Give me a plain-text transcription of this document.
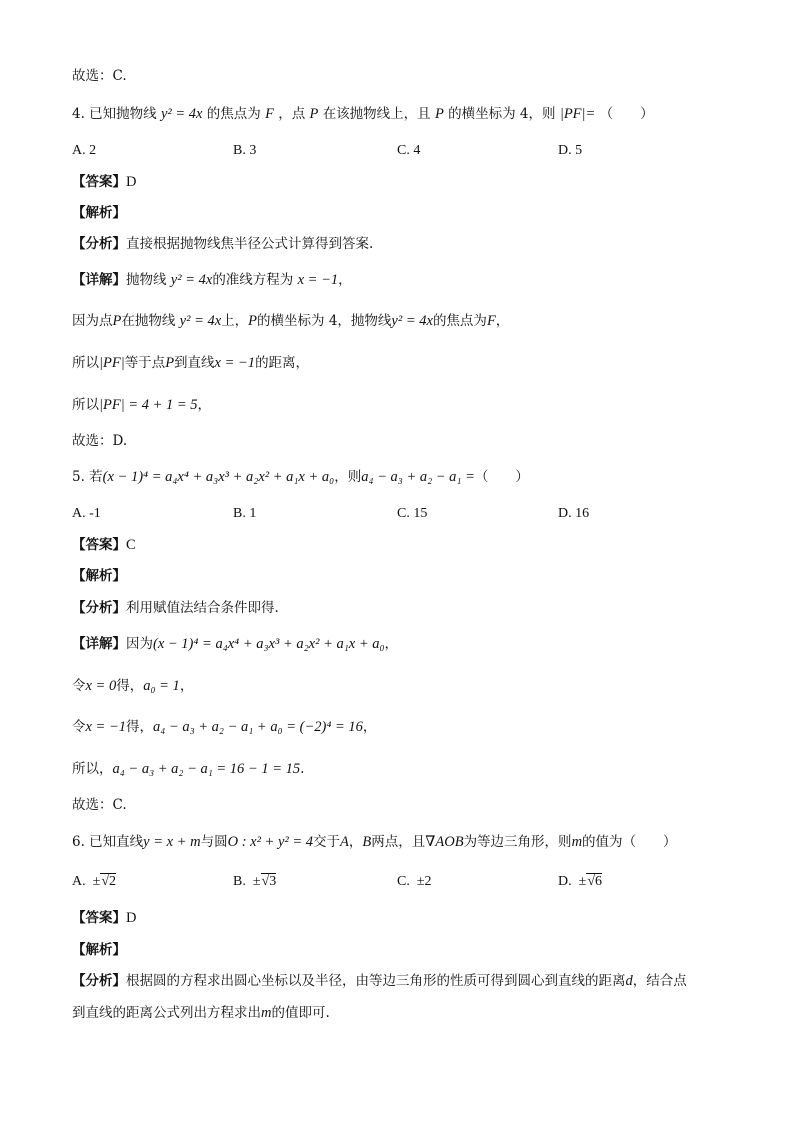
故选：C.
4. 已知抛物线 y² = 4x 的焦点为 F ，点 P 在该抛物线上，且 P 的横坐标为 4，则 |PF|= （　　）
A. 2	B. 3	C. 4	D. 5
【答案】D
【解析】
【分析】直接根据抛物线焦半径公式计算得到答案.
【详解】抛物线 y² = 4x的准线方程为 x = −1，
因为点P在抛物线 y² = 4x上，P的横坐标为 4，抛物线y² = 4x的焦点为F，
所以|PF|等于点P到直线x = −1的距离，
所以|PF| = 4 + 1 = 5，
故选：D.
5. 若(x − 1)⁴ = a₄x⁴ + a₃x³ + a₂x² + a₁x + a₀，则a₄ − a₃ + a₂ − a₁ =（　　）
A. -1	B. 1	C. 15	D. 16
【答案】C
【解析】
【分析】利用赋值法结合条件即得.
【详解】因为(x − 1)⁴ = a₄x⁴ + a₃x³ + a₂x² + a₁x + a₀，
令x = 0得，a₀ = 1，
令x = −1得，a₄ − a₃ + a₂ − a₁ + a₀ = (−2)⁴ = 16，
所以，a₄ − a₃ + a₂ − a₁ = 16 − 1 = 15.
故选：C.
6. 已知直线y = x + m与圆O : x² + y² = 4交于A，B两点，且∇AOB为等边三角形，则m的值为（　　）
A. ±√2	B. ±√3	C. ±2	D. ±√6
【答案】D
【解析】
【分析】根据圆的方程求出圆心坐标以及半径，由等边三角形的性质可得到圆心到直线的距离d，结合点
到直线的距离公式列出方程求出m的值即可.
